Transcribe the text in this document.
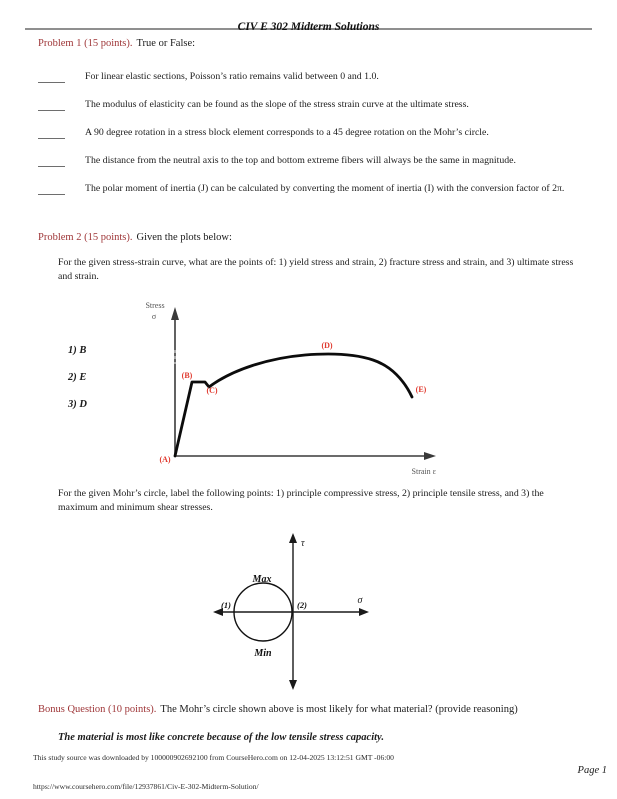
CIV E 302 Midterm Solutions
Problem 1 (15 points). True or False:
For linear elastic sections, Poisson’s ratio remains valid between 0 and 1.0.
The modulus of elasticity can be found as the slope of the stress strain curve at the ultimate stress.
A 90 degree rotation in a stress block element corresponds to a 45 degree rotation on the Mohr’s circle.
The distance from the neutral axis to the top and bottom extreme fibers will always be the same in magnitude.
The polar moment of inertia (J) can be calculated by converting the moment of inertia (I) with the conversion factor of 2π.
Problem 2 (15 points). Given the plots below:
For the given stress-strain curve, what are the points of: 1) yield stress and strain, 2) fracture stress and strain, and 3) ultimate stress and strain.
Stress
σ
(A)
(B)
(C)
(D)
(E)
Strain ε
1) B
2) E
3) D
For the given Mohr’s circle, label the following points: 1) principle compressive stress, 2) principle tensile stress, and 3) the maximum and minimum shear stresses.
τ
σ
Max
Min
(1)	(2)
Bonus Question (10 points). The Mohr’s circle shown above is most likely for what material? (provide reasoning)
The material is most like concrete because of the low tensile stress capacity.
This study source was downloaded by 100000902692100 from CourseHero.com on 12-04-2025 13:12:51 GMT -06:00
https://www.coursehero.com/file/12937861/Civ-E-302-Midterm-Solution/
Page 1
